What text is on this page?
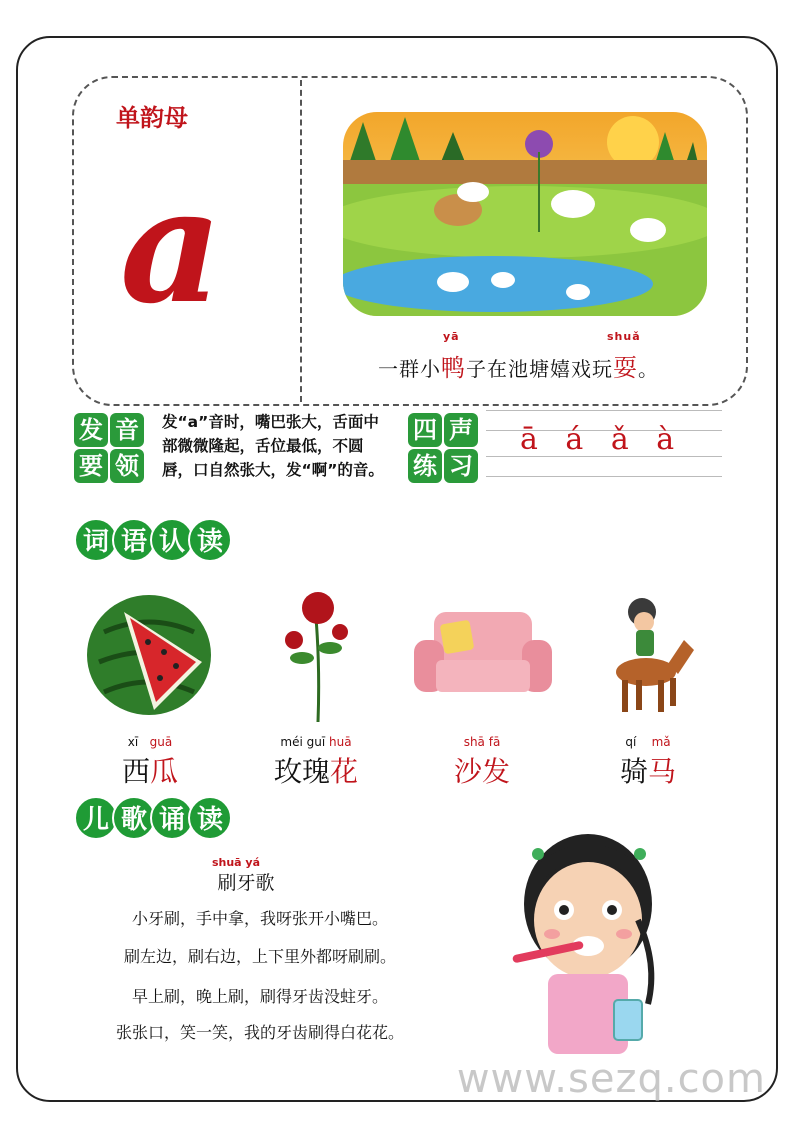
单韵母
a
一群小
yā
鸭子在池塘嬉戏玩
shuǎ
耍。
发 音
要 领
发“a”音时，嘴巴张大，舌面中部微微隆起，舌位最低，不圆唇，口自然张大，发“啊”的音。
四 声
练 习
ā á ǎ à
词 语 认 读
xī guā
西瓜
méi guī huā
玫瑰花
shā fā
沙发
qí mǎ
骑马
儿 歌 诵 读
shuā yá
刷牙歌
小牙刷，手中拿，我呀张开小嘴巴。
刷左边，刷右边，上下里外都呀刷刷。
早上刷，晚上刷，刷得牙齿没蛀牙。
张张口，笑一笑，我的牙齿刷得白花花。
www.sezq.com
